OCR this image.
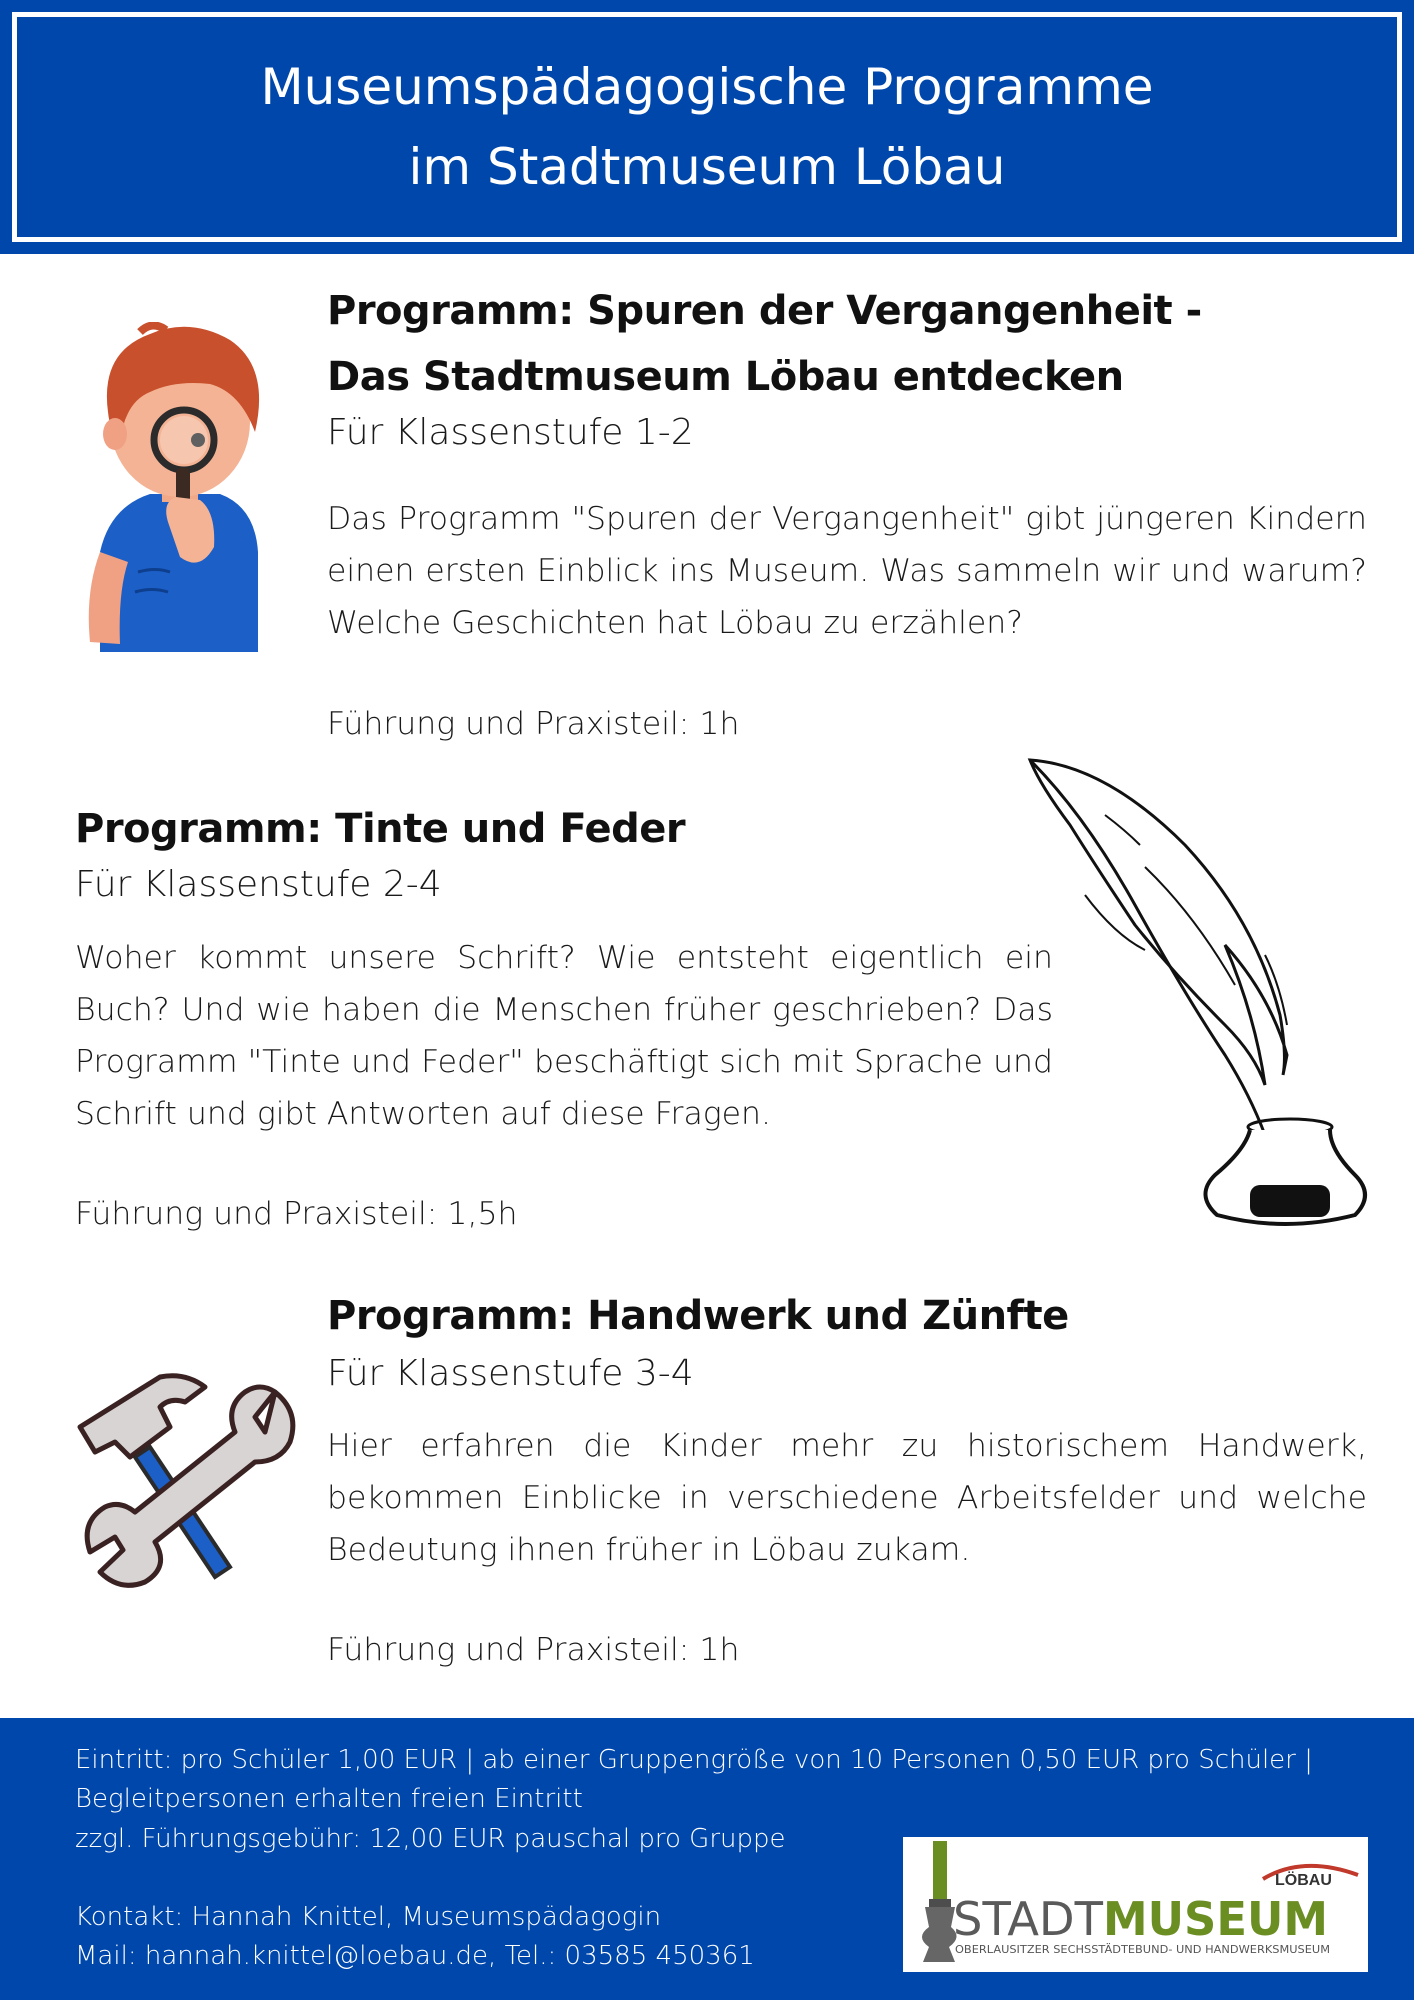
Museumspädagogische Programme
im Stadtmuseum Löbau
Programm: Spuren der Vergangenheit -
Das Stadtmuseum Löbau entdecken
Für Klassenstufe 1-2
Das Programm "Spuren der Vergangenheit" gibt jüngeren Kindern einen ersten Einblick ins Museum. Was sammeln wir und warum? Welche Geschichten hat Löbau zu erzählen?
Führung und Praxisteil: 1h
Programm: Tinte und Feder
Für Klassenstufe 2-4
Woher kommt unsere Schrift? Wie entsteht eigentlich ein Buch? Und wie haben die Menschen früher geschrieben? Das Programm "Tinte und Feder" beschäftigt sich mit Sprache und Schrift und gibt Antworten auf diese Fragen.
Führung und Praxisteil: 1,5h
Programm: Handwerk und Zünfte
Für Klassenstufe 3-4
Hier erfahren die Kinder mehr zu historischem Handwerk, bekommen Einblicke in verschiedene Arbeitsfelder und welche Bedeutung ihnen früher in Löbau zukam.
Führung und Praxisteil: 1h
Eintritt: pro Schüler 1,00 EUR | ab einer Gruppengröße von 10 Personen 0,50 EUR pro Schüler |
Begleitpersonen erhalten freien Eintritt
zzgl. Führungsgebühr: 12,00 EUR pauschal pro Gruppe
Kontakt: Hannah Knittel, Museumspädagogin
Mail: hannah.knittel@loebau.de, Tel.: 03585 450361
LÖBAU
STADT MUSEUM
OBERLAUSITZER SECHSSTÄDTEBUND- UND HANDWERKSMUSEUM
